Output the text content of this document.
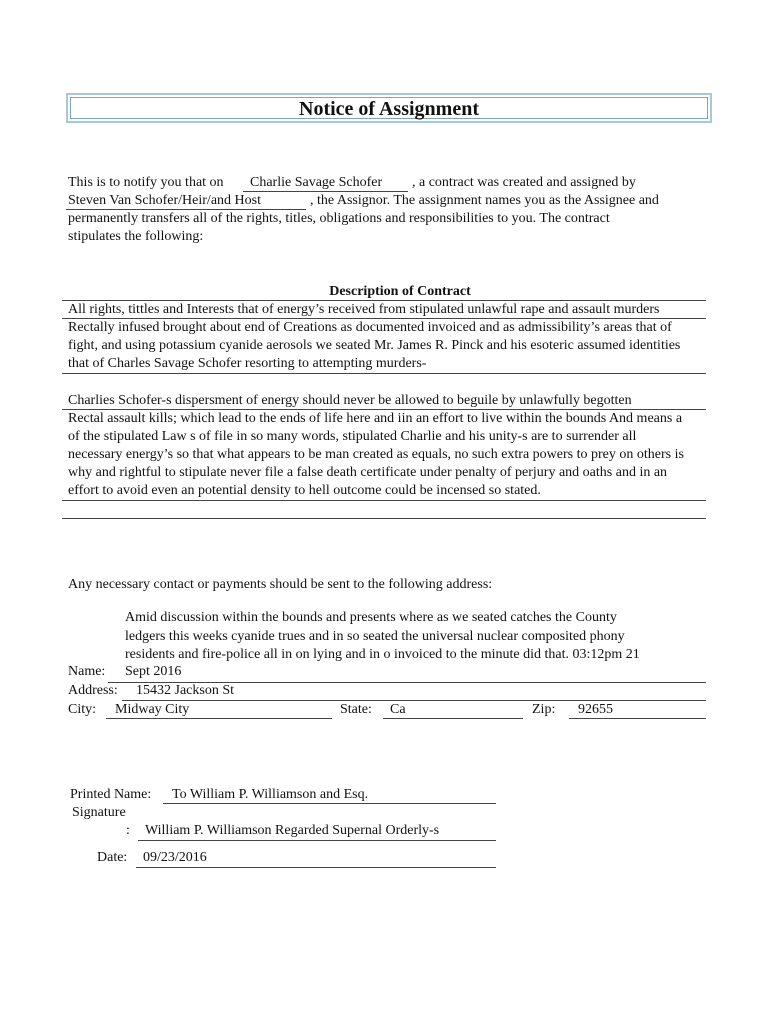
Notice of Assignment
This is to notify you that on Charlie Savage Schofer , a contract was created and assigned by
Steven Van Schofer/Heir/and Host	, the Assignor. The assignment names you as the Assignee and
permanently transfers all of the rights, titles, obligations and responsibilities to you. The contract
stipulates the following:
Description of Contract
All rights, tittles and Interests that of energy’s received from stipulated unlawful rape and assault murders
Rectally infused brought about end of Creations as documented invoiced and as admissibility’s areas that of
fight, and using potassium cyanide aerosols we seated Mr. James R. Pinck and his esoteric assumed identities
that of Charles Savage Schofer resorting to attempting murders-
Charlies Schofer-s dispersment of energy should never be allowed to beguile by unlawfully begotten
Rectal assault kills; which lead to the ends of life here and iin an effort to live within the bounds And means a
of the stipulated Law s of file in so many words, stipulated Charlie and his unity-s are to surrender all
necessary energy’s so that what appears to be man created as equals, no such extra powers to prey on others is
why and rightful to stipulate never file a false death certificate under penalty of perjury and oaths and in an
effort to avoid even an potential density to hell outcome could be incensed so stated.
Any necessary contact or payments should be sent to the following address:
Amid discussion within the bounds and presents where as we seated catches the County
ledgers this weeks cyanide trues and in so seated the universal nuclear composited phony
residents and fire-police all in on lying and in o invoiced to the minute did that. 03:12pm 21
Name: Sept 2016
Address: 15432 Jackson St
City: Midway City	State: Ca	Zip: 92655
Printed Name: To William P. Williamson and Esq.
Signature
: William P. Williamson Regarded Supernal Orderly-s
Date: 09/23/2016
